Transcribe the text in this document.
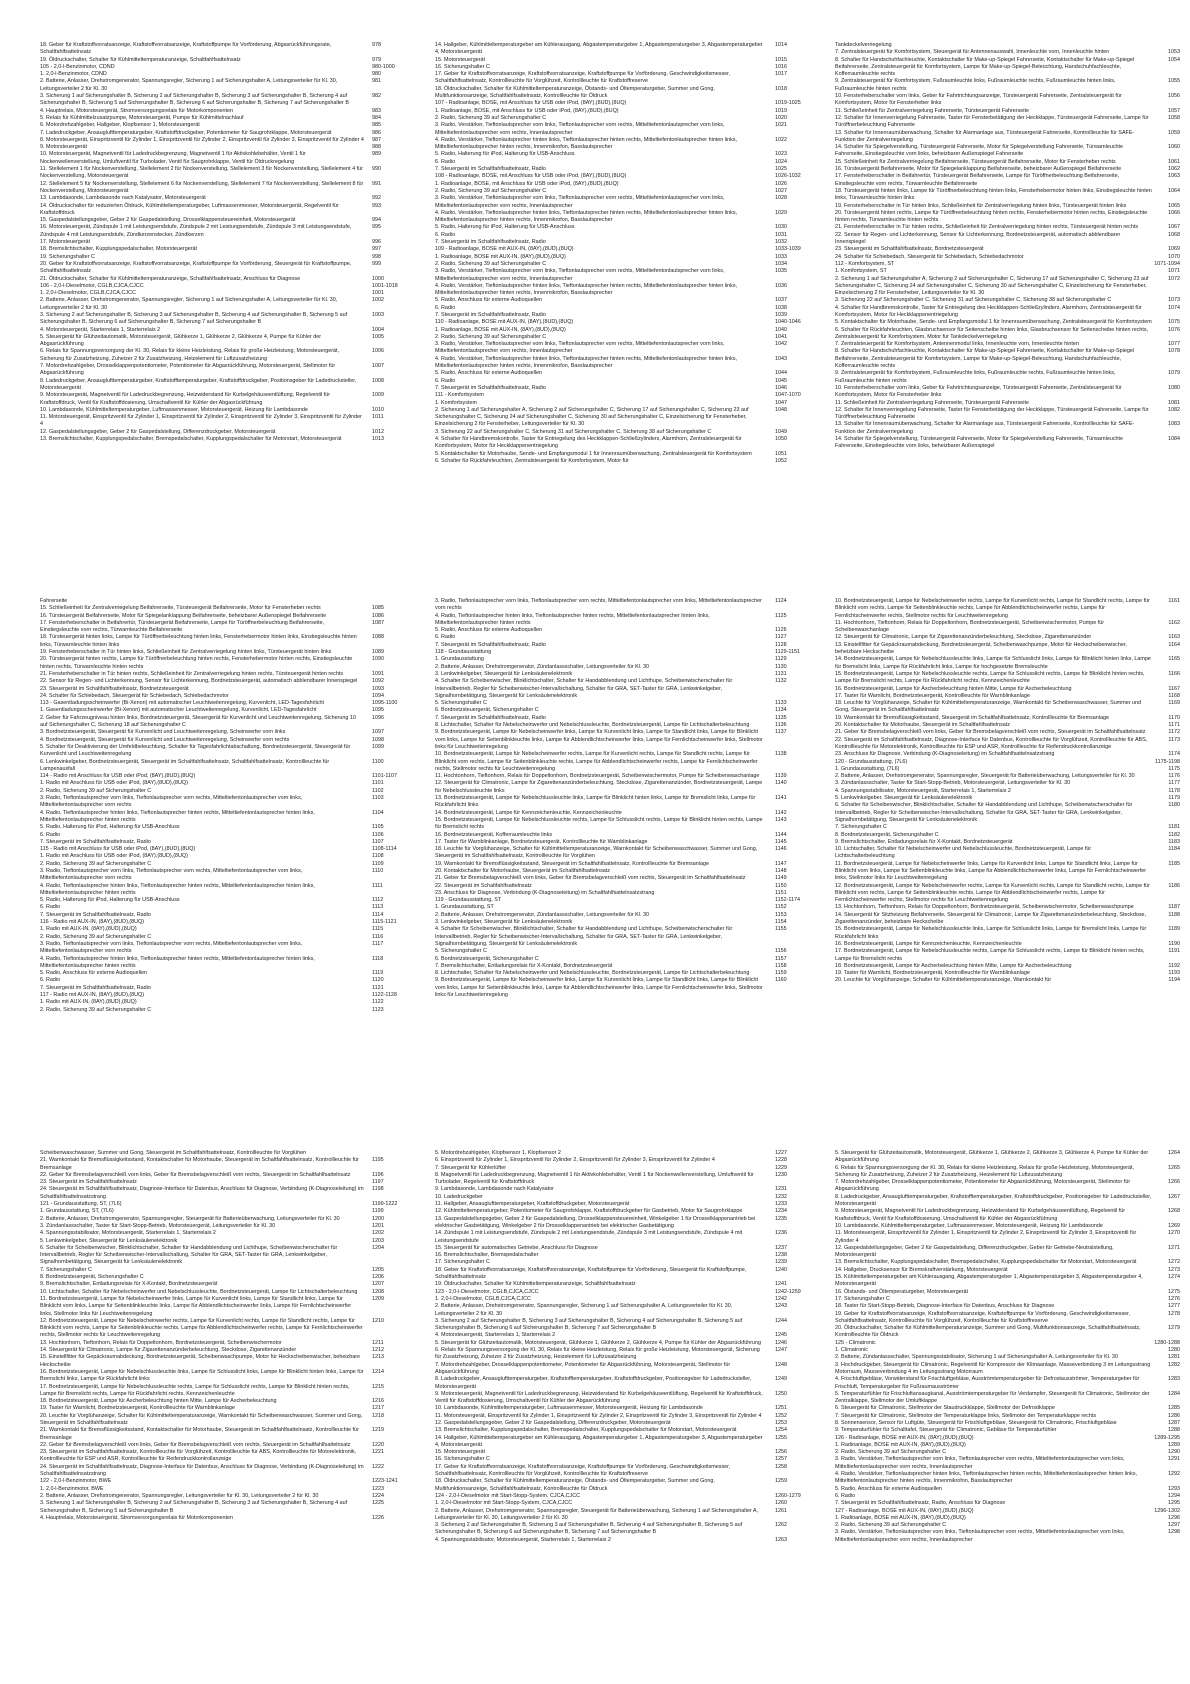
18. Geber für Kraftstoffvorratsanzeige, Kraftstoffvorratsanzeige, Kraftstoffpumpe für Vorförderung, Abgasrückführungsrate, Schaltfahlfsattelnsatz
978
19. Öldruckschalter, Schalter für Kühlmitteltemperaturanzeige, Schaltfahlfsattelnsatz	979
105 - 2,0-l-Benzinmotor, CDND	980-1000
1. 2,0-l-Benzinmotor, CDND	980
2. Batterie, Anlasser, Drehstromgenerator, Spannungsregler, Sicherung 1 auf Sicherungshalter A, Leitungsverteiler für Kl. 30, Leitungsverteiler 2 für Kl. 30
981
3. Sicherung 1 auf Sicherungshalter B, Sicherung 2 auf Sicherungshalter B, Sicherung 3 auf Sicherungshalter B, Sicherung 4 auf Sicherungshalter B, Sicherung 5 auf Sicherungshalter B, Sicherung 6 auf Sicherungshalter B, Sicherung 7 auf Sicherungshalter B
982
4. Hauptrelais, Motorsteuergerät, Stromversorgungsrelais für Motorkomponenten	983
5. Relais für Kühlmittelzusatzpumpe, Motorsteuergerät, Pumpe für Kühlmittelnachlauf	984
6. Motordrehzahlgeber, Hallgeber, Klopfsensor 1, Motorsteuergerät	985
7. Ladedruckgeber, Ansaugluftfemperaturgeber, Kraftstoffdruckgeber, Potentiometer für Saugrohrklappe, Motorsteuergerät	986
8. Motorsteuergerät, Einspritzventil für Zylinder 1, Einspritzventil für Zylinder 2, Einspritzventil für Zylinder 3, Einspritzventil für Zylinder 4	987
9. Motorsteuergerät	988
10. Motorsteuergerät, Magnetventil für Ladedruckbegrenzung, Magnetventil 1 für Aktivkohlebehälter, Ventil 1 für Nockenwellenverstellung, Umluftventil für Turbolader, Ventil für Saugrohrklappe, Ventil für Öldruckregelung
989
11. Stellelement 1 für Nockenverstellung, Stellelement 2 für Nockenverstellung, Stellelement 3 für Nockenverstellung, Stellelement 4 für Nockenverstellung, Motorsteuergerät
990
12. Stellelement 5 für Nockenverstellung, Stellelement 6 für Nockenverstellung, Stellelement 7 für Nockenverstellung, Stellelement 8 für Nockenverstellung, Motorsteuergerät
991
13. Lambdasonde, Lambdasonde nach Katalysator, Motorsteuergerät	992
14. Öldruckschalter für reduzierten Öldruck, Kühlmitteltemperaturgeber, Luftmassenmesser, Motorsteuergerät, Regelventil für Kraftstoffdruck
993
15. Gaspedalstellungsgeber, Geber 2 für Gaspedalstellung, Drosselklappensteuereinheit, Motorsteuergerät	994
16. Motorsteuergerät, Zündspule 1 mit Leistungsendstufe, Zündspule 2 mit Leistungsendstufe, Zündspule 3 mit Leistungsendstufe, Zündspule 4 mit Leistungsendstufe, Zündkerzenstecker, Zündkerzen
995
17. Motorsteuergerät	996
18. Bremslichtschalter, Kupplungspedalschalter, Motorsteuergerät	997
19. Sicherungshalter C	998
20. Geber für Kraftstoffvorratsanzeige, Kraftstoffvorratsanzeige, Kraftstoffpumpe für Vorförderung, Steuergerät für Kraftstoffpumpe, Schaltfahlfsattelnsatz
999
21. Öldruckschalter, Schalter für Kühlmitteltemperaturanzeige, Schaltfahlfsattelnsatz, Anschluss für Diagnose	1000
106 - 2,0-l-Dieselmotor, CGLB,CJCA,CJCC	1001-1018
1. 2,0-l-Dieselmotor, CGLB,CJCA,CJCC	1001
2. Batterie, Anlasser, Drehstromgenerator, Spannungsregler, Sicherung 1 auf Sicherungshalter A, Leitungsverteiler für Kl. 30, Leitungsverteiler 2 für Kl. 30
1002
3. Sicherung 2 auf Sicherungshalter B, Sicherung 3 auf Sicherungshalter B, Sicherung 4 auf Sicherungshalter B, Sicherung 5 auf Sicherungshalter B, Sicherung 6 auf Sicherungshalter B, Sicherung 7 auf Sicherungshalter B
1003
4. Motorsteuergerät, Starterrelais 1, Starterrelais 2	1004
5. Steuergerät für Glühzeitautomatik, Motorsteuergerät, Glühkerze 1, Glühkerze 2, Glühkerze 4, Pumpe für Kühler der Abgasrückführung
1005
6. Relais für Spannungsversorgung der Kl. 30, Relais für kleine Heizleistung, Relais für große Heizleistung, Motorsteuergerät, Sicherung für Zusatzheizung, Zuheizer 2 für Zusatzheizung, Heizelement für Luftzusatzheizung
1006
7. Motordrehzahlgeber, Drosselklappenpotentiometer, Potentiometer für Abgasrückführung, Motorsteuergerät, Stellmotor für Abgasrückführung
1007
8. Ladedruckgeber, Ansauglufttemperaturgeber, Kraftstofftemperaturgeber, Kraftstoffdruckgeber, Positionsgeber für Ladedrucksteller, Motorsteuergerät
1008
9. Motorsteuergerät, Magnetventil für Ladedruckbegrenzung, Heizwiderstand für Kurbelgehäuseentlüftung, Regelventil für Kraftstoffdruck, Ventil für Kraftstoffdosierung, Umschaltventil für Kühler der Abgasrückführung
1009
10. Lambdasonde, Kühlmitteltemperaturgeber, Luftmassenmesser, Motorsteuergerät, Heizung für Lambdasonde	1010
11. Motorsteuergerät, Einspritzventil für Zylinder 1, Einspritzventil für Zylinder 2, Einspritzventil für Zylinder 3, Einspritzventil für Zylinder 4
1011
12. Gaspedalstellungsgeber, Geber 2 für Gaspedalstellung, Differenzdruckgeber, Motorsteuergerät	1012
13. Bremslichtschalter, Kupplungspedalschalter, Bremspedalschalter, Kupplungspedalschalter für Motorstart, Motorsteuergerät	1013
14. Hallgeber, Kühlmitteltemperaturgeber am Kühlerausgang, Abgastemperaturgeber 1, Abgastemperaturgeber 3, Abgastemperaturgeber 4, Motorsteuergerät
1014
15. Motorsteuergerät	1015
16. Sicherungshalter C	1016
17. Geber für Kraftstoffvorratsanzeige, Kraftstoffvorratsanzeige, Kraftstoffpumpe für Vorförderung, Geschwindigkeitsmesser, Schaltfahlfsattelnsatz, Kontrollleuchte für Vorglühzeit, Kontrollleuchte für Kraftstoffreserve
1017
18. Öldruckschalter, Schalter für Kühlmitteltemperaturanzeige, Ölstands- und Öltemperaturgeber, Summer und Gong, Multifunktionsanzeige, Schaltfahlfsattelnsatz, Kontrollleuchte für Öldruck
1018
107 - Radioanlage, BOSE, mit Anschluss für USB oder iPod, (8AY),(8UD),(8UQ)	1019-1025
1. Radioanlage, BOSE, mit Anschluss für USB oder iPod, (8AY),(8UD),(8UQ)	1019
2. Radio, Sicherung 39 auf Sicherungshalter C	1020
3. Radio, Verstärker, Tieftonlautsprecher vorn links, Tieftonlautsprecher vorn rechts, Mitteltiefentonlautsprecher vorn links, Mitteltiefentonlautsprecher vorn rechts, Innenlautsprecher
1021
4. Radio, Verstärker, Tieftonlautsprecher hinten links, Tieftonlautsprecher hinten rechts, Mitteltiefentonlautsprecher hinten links, Mitteltiefentonlautsprecher hinten rechts, Innenmikrofon, Basslautsprecher
1022
5. Radio, Halterung für iPod, Halterung für USB-Anschluss	1023
6. Radio	1024
7. Steuergerät im Schaltfahlfsattelnsatz, Radio	1025
108 - Radioanlage, BOSE, mit Anschluss für USB oder iPod, (8AY),(8UD),(8UQ)	1026-1032
1. Radioanlage, BOSE, mit Anschluss für USB oder iPod, (8AY),(8UD),(8UQ)	1026
2. Radio, Sicherung 39 auf Sicherungshalter C	1027
3. Radio, Verstärker, Tieftonlautsprecher vorn links, Tieftonlautsprecher vorn rechts, Mitteltiefentonlautsprecher vorn links, Mitteltiefentonlautsprecher vorn rechts, Innenlautsprecher
1028
4. Radio, Verstärker, Tieftonlautsprecher hinten links, Tieftonlautsprecher hinten rechts, Mitteltiefentonlautsprecher hinten links, Mitteltiefentonlautsprecher hinten rechts, Innenmikrofon, Basslautsprecher
1029
5. Radio, Halterung für iPod, Halterung für USB-Anschluss	1030
6. Radio	1031
7. Steuergerät im Schaltfahlfsattelnsatz, Radio	1032
109 - Radioanlage, BOSE mit AUX-IN, (8AY),(8UD),(8UQ)	1033-1039
1. Radioanlage, BOSE mit AUX-IN, (8AY),(8UD),(8UQ)	1033
2. Radio, Sicherung 39 auf Sicherungshalter C	1034
3. Radio, Verstärker, Tieftonlautsprecher vorn links, Tieftonlautsprecher vorn rechts, Mitteltiefentonlautsprecher vorn links, Mitteltiefentonlautsprecher vorn rechts, Innenlautsprecher
1035
4. Radio, Verstärker, Tieftonlautsprecher hinten links, Tieftonlautsprecher hinten rechts, Mitteltiefentonlautsprecher hinten links, Mitteltiefentonlautsprecher hinten rechts, Innenmikrofon, Basslautsprecher
1036
5. Radio, Anschluss für externe Audioquellen	1037
6. Radio	1038
7. Steuergerät im Schaltfahlfsattelnsatz, Radio	1039
110 - Radioanlage, BOSE mit AUX-IN, (8AY),(8UD),(8UQ)	1040-1046
1. Radioanlage, BOSE mit AUX-IN, (8AY),(8UD),(8UQ)	1040
2. Radio, Sicherung 39 auf Sicherungshalter C	1041
3. Radio, Verstärker, Tieftonlautsprecher vorn links, Tieftonlautsprecher vorn rechts, Mitteltiefentonlautsprecher vorn links, Mitteltiefentonlautsprecher vorn rechts, Innenlautsprecher
1042
4. Radio, Verstärker, Tieftonlautsprecher hinten links, Tieftonlautsprecher hinten rechts, Mitteltiefentonlautsprecher hinten links, Mitteltiefentonlautsprecher hinten rechts, Innenmikrofon, Basslautsprecher
1043
5. Radio, Anschluss für externe Audioquellen	1044
6. Radio	1045
7. Steuergerät im Schaltfahlfsattelnsatz, Radio	1046
111 - Komfortsystem	1047-1070
1. Komfortsystem	1047
2. Sicherung 1 auf Sicherungshalter A, Sicherung 2 auf Sicherungshalter C, Sicherung 17 auf Sicherungshalter C, Sicherung 23 auf Sicherungshalter C, Sicherung 24 auf Sicherungshalter C, Sicherung 30 auf Sicherungshalter C, Einzelsicherung für Fensterheber, Einzelsicherung 2 für Fensterheber, Leitungsverteiler für Kl. 30
1048
3. Sicherung 22 auf Sicherungshalter C, Sicherung 31 auf Sicherungshalter C, Sicherung 38 auf Sicherungshalter C	1049
4. Schalter für Handbremskontrolle, Taster für Entriegelung des Heckklappen-Schließzylinders, Alarmhorn, Zentralsteuergerät für Komfortsystem, Motor für Heckklappenentriegelung
1050
5. Kontaktschalter für Motorhaube, Sende- und Empfangsmodul 1 für Innenraumüberwachung, Zentralsteuergerät für Komfortsystem	1051
6. Schalter für Rückfahrleuchten, Zentralsteuergerät für Komfortsystem, Motor für	1052
Tankdeckelverriegelung
7. Zentralsteuergerät für Komfortsystem, Steuergerät für Antennenauswahl, Innenleuchte vorn, Innenleuchte hinten	1053
8. Schalter für Handschuhfachleuchte, Kontaktschalter für Make-up-Spiegel Fahrerseite, Kontaktschalter für Make-up-Spiegel Beifahrerseite, Zentralsteuergerät für Komfortsystem, Lampe für Make-up-Spiegel-Beleuchtung, Handschuhfachleuchte, Kofferraumleuchte rechts
1054
9. Zentralsteuergerät für Komfortsystem, Fußraumleuchte links, Fußraumleuchte rechts, Fußraumleuchte hinten links, Fußraumleuchte hinten rechts
1055
10. Fensterheberschalter vorn links, Geber für Fahrtrichtungsanzeige, Türsteuergerät Fahrerseite, Zentralsteuergerät für Komfortsystem, Motor für Fensterheber links
1056
11. Schließeinheit für Zentralverriegelung Fahrerseite, Türsteuergerät Fahrerseite	1057
12. Schalter für Innenverriegelung Fahrerseite, Taster für Fensterbetätigung der Heckklappe, Türsteuergerät Fahrerseite, Lampe für Türöffnerbeleuchtung Fahrerseite
1058
13. Schalter für Innenraumüberwachung, Schalter für Alarmanlage aus, Türsteuergerät Fahrerseite, Kontrollleuchte für SAFE-Funktion der Zentralverriegelung
1059
14. Schalter für Spiegelverstellung, Türsteuergerät Fahrerseite, Motor für Spiegelverstellung Fahrerseite, Türwarnleuchte Fahrerseite, Einstiegsleuchte vorn links, beheizbarer Außenspiegel Fahrerseite
1060
15. Schließeinheit für Zentralverriegelung Beifahrerseite, Türsteuergerät Beifahrerseite, Motor für Fensterheber rechts	1061
16. Türsteuergerät Beifahrerseite, Motor für Spiegelanklappung Beifahrerseite, beheizbarer Außenspiegel Beifahrerseite	1062
17. Fensterheberschalter in Beifahrertür, Türsteuergerät Beifahrerseite, Lampe für Türöffnerbeleuchtung Beifahrerseite, Einstiegsleuchte vorn rechts, Türwarnleuchte Beifahrerseite
1063
18. Türsteuergerät hinten links, Lampe für Türöffnerbeleuchtung hinten links, Fensterhebermotor hinten links, Einstiegsleuchte hinten links, Türwarnleuchte hinten links
1064
19. Fensterheberschalter in Tür hinten links, Schließeinheit für Zentralverriegelung hinten links, Türsteuergerät hinten links	1065
20. Türsteuergerät hinten rechts, Lampe für Türöffnerbeleuchtung hinten rechts, Fensterhebermotor hinten rechts, Einstiegsleuchte hinten rechts, Türwarnleuchte hinten rechts
1066
21. Fensterheberschalter in Tür hinten rechts, Schließeinheit für Zentralverriegelung hinten rechts, Türsteuergerät hinten rechts	1067
22. Sensor für Regen- und Lichterkennung, Sensor für Lichterkennung, Bordnetzsteuergerät, automatisch abblendbarer Innenspiegel
1068
23. Steuergerät im Schaltfahlfsattelnsatz, Bordnetzsteuergerät	1069
24. Schalter für Schiebedach, Steuergerät für Schiebedach, Schiebedachmotor	1070
112 - Komfortsystem, ST	1071-1094
1. Komfortsystem, ST	1071
2. Sicherung 1 auf Sicherungshalter A, Sicherung 2 auf Sicherungshalter C, Sicherung 17 auf Sicherungshalter C, Sicherung 23 auf Sicherungshalter C, Sicherung 24 auf Sicherungshalter C, Sicherung 30 auf Sicherungshalter C, Einzelsicherung für Fensterheber, Einzelsicherung 2 für Fensterheber, Leitungsverteiler für Kl. 30
1072
3. Sicherung 22 auf Sicherungshalter C, Sicherung 31 auf Sicherungshalter C, Sicherung 38 auf Sicherungshalter C	1073
4. Schalter für Handbremskontrolle, Taster für Entriegelung des Heckklappen-Schließzylinders, Alarmhorn, Zentralsteuergerät für Komfortsystem, Motor für Heckklappenentriegelung
1074
5. Kontaktschalter für Motorhaube, Sende- und Empfangsmodul 1 für Innenraumüberwachung, Zentralsteuergerät für Komfortsystem	1075
6. Schalter für Rückfahrleuchten, Glasbruchsensor für Seitenscheibe hinten links, Glasbruchsensor für Seitenscheibe hinten rechts, Zentralsteuergerät für Komfortsystem, Motor für Tankdeckelverriegelung
1076
7. Zentralsteuergerät für Komfortsystem, Antennenmodul links, Innenleuchte vorn, Innenleuchte hinten	1077
8. Schalter für Handschuhfachleuchte, Kontaktschalter für Make-up-Spiegel Fahrerseite, Kontaktschalter für Make-up-Spiegel Beifahrerseite, Zentralsteuergerät für Komfortsystem, Lampe für Make-up-Spiegel-Beleuchtung, Handschuhfachleuchte, Kofferraumleuchte rechts
1078
9. Zentralsteuergerät für Komfortsystem, Fußraumleuchte links, Fußraumleuchte rechts, Fußraumleuchte hinten links, Fußraumleuchte hinten rechts
1079
10. Fensterheberschalter vorn links, Geber für Fahrtrichtungsanzeige, Türsteuergerät Fahrerseite, Zentralsteuergerät für Komfortsystem, Motor für Fensterheber links
1080
11. Schließeinheit für Zentralverriegelung Fahrerseite, Türsteuergerät Fahrerseite	1081
12. Schalter für Innenverriegelung Fahrerseite, Taster für Fensterbetätigung der Heckklappe, Türsteuergerät Fahrerseite, Lampe für Türöffnerbeleuchtung Fahrerseite
1082
13. Schalter für Innenraumüberwachung, Schalter für Alarmanlage aus, Türsteuergerät Fahrerseite, Kontrollleuchte für SAFE-Funktion der Zentralverriegelung
1083
14. Schalter für Spiegelverstellung, Türsteuergerät Fahrerseite, Motor für Spiegelverstellung Fahrerseite, Türwarnleuchte Fahrerseite, Einstiegsleuchte vorn links, beheizbarer Außenspiegel
1084
Fahrerseite
15. Schließeinheit für Zentralverriegelung Beifahrerseite, Türsteuergerät Beifahrerseite, Motor für Fensterheber rechts	1085
16. Türsteuergerät Beifahrerseite, Motor für Spiegelanklappung Beifahrerseite, beheizbarer Außenspiegel Beifahrerseite	1086
17. Fensterheberschalter in Beifahrertür, Türsteuergerät Beifahrerseite, Lampe für Türöffnerbeleuchtung Beifahrerseite, Einstiegsleuchte vorn rechts, Türwarnleuchte Beifahrerseite
1087
18. Türsteuergerät hinten links, Lampe für Türöffnerbeleuchtung hinten links, Fensterhebermotor hinten links, Einstiegsleuchte hinten links, Türwarnleuchte hinten links
1088
19. Fensterheberschalter in Tür hinten links, Schließeinheit für Zentralverriegelung hinten links, Türsteuergerät hinten links	1089
20. Türsteuergerät hinten rechts, Lampe für Türöffnerbeleuchtung hinten rechts, Fensterhebermotor hinten rechts, Einstiegsleuchte hinten rechts, Türwarnleuchte hinten rechts
1090
21. Fensterheberschalter in Tür hinten rechts, Schließeinheit für Zentralverriegelung hinten rechts, Türsteuergerät hinten rechts	1091
22. Sensor für Regen- und Lichterkennung, Sensor für Lichterkennung, Bordnetzsteuergerät, automatisch abblendbarer Innenspiegel	1092
23. Steuergerät im Schaltfahlfsattelnsatz, Bordnetzsteuergerät	1093
24. Schalter für Schiebedach, Steuergerät für Schiebedach, Schiebedachmotor	1094
113 - Gasentladungsscheinwerfer (Bi-Xenon) mit automatischer Leuchtweitenregelung, Kurvenlicht, LED-Tagesfahrlicht	1095-1100
1. Gasentladungsscheinwerfer (Bi-Xenon) mit automatischer Leuchtweitenregelung, Kurvenlicht, LED-Tagesfahrlicht	1095
2. Geber für Fahrzeugniveau hinten links, Bordnetzsteuergerät, Steuergerät für Kurvenlicht und Leuchtweitenregelung, Sicherung 10 auf Sicherungshalter C, Sicherung 18 auf Sicherungshalter C
1096
3. Bordnetzsteuergerät, Steuergerät für Kurvenlicht und Leuchtweitenregelung, Scheinwerfer vorn links	1097
4. Bordnetzsteuergerät, Steuergerät für Kurvenlicht und Leuchtweitenregelung, Scheinwerfer vorn rechts	1098
5. Schalter für Deaktivierung der Umfeldbeleuchtung, Schalter für Tagesfahrlichtabschaltung, Bordnetzsteuergerät, Steuergerät für Kurvenlicht und Leuchtweitenregelung
1099
6. Lenkwinkelgeber, Bordnetzsteuergerät, Steuergerät im Schaltfahlfsattelnsatz, Schaltfahlfsattelnsatz, Kontrollleuchte für Lampenausfall
1100
114 - Radio mit Anschluss für USB oder iPod, (8AY),(8UD),(8UQ)	1101-1107
1. Radio mit Anschluss für USB oder iPod, (8AY),(8UD),(8UQ)	1101
2. Radio, Sicherung 39 auf Sicherungshalter C	1102
3. Radio, Tieftonlautsprecher vorn links, Tieftonlautsprecher vorn rechts, Mitteltiefentonlautsprecher vorn links, Mitteltiefentonlautsprecher vorn rechts
1103
4. Radio, Tieftonlautsprecher hinten links, Tieftonlautsprecher hinten rechts, Mitteltiefentonlautsprecher hinten links, Mitteltiefentonlautsprecher hinten rechts
1104
5. Radio, Halterung für iPod, Halterung für USB-Anschluss	1105
6. Radio	1106
7. Steuergerät im Schaltfahlfsattelnsatz, Radio	1107
115 - Radio mit Anschluss für USB oder iPod, (8AY),(8UD),(8UQ)	1108-1114
1. Radio mit Anschluss für USB oder iPod, (8AY),(8UD),(8UQ)	1108
2. Radio, Sicherung 39 auf Sicherungshalter C	1109
3. Radio, Tieftonlautsprecher vorn links, Tieftonlautsprecher vorn rechts, Mitteltiefentonlautsprecher vorn links, Mitteltiefentonlautsprecher vorn rechts
1110
4. Radio, Tieftonlautsprecher hinten links, Tieftonlautsprecher hinten rechts, Mitteltiefentonlautsprecher hinten links, Mitteltiefentonlautsprecher hinten rechts
1111
5. Radio, Halterung für iPod, Halterung für USB-Anschluss	1112
6. Radio	1113
7. Steuergerät im Schaltfahlfsattelnsatz, Radio	1114
116 - Radio mit AUX-IN, (8AY),(8UD),(8UQ)	1115-1121
1. Radio mit AUX-IN, (8AY),(8UD),(8UQ)	1115
2. Radio, Sicherung 39 auf Sicherungshalter C	1116
3. Radio, Tieftonlautsprecher vorn links, Tieftonlautsprecher vorn rechts, Mitteltiefentonlautsprecher vorn links, Mitteltiefentonlautsprecher vorn rechts
1117
4. Radio, Tieftonlautsprecher hinten links, Tieftonlautsprecher hinten rechts, Mitteltiefentonlautsprecher hinten links, Mitteltiefentonlautsprecher hinten rechts
1118
5. Radio, Anschluss für externe Audioquellen	1119
6. Radio	1120
7. Steuergerät im Schaltfahlfsattelnsatz, Radio	1121
117 - Radio mit AUX-IN, (8AY),(8UD),(8UQ)	1122-1128
1. Radio mit AUX-IN, (8AY),(8UD),(8UQ)	1122
2. Radio, Sicherung 39 auf Sicherungshalter C	1123
3. Radio, Tieftonlautsprecher vorn links, Tieftonlautsprecher vorn rechts, Mitteltiefentonlautsprecher vorn links, Mitteltiefentonlautsprecher vorn rechts
1124
4. Radio, Tieftonlautsprecher hinten links, Tieftonlautsprecher hinten rechts, Mitteltiefentonlautsprecher hinten links, Mitteltiefentonlautsprecher hinten rechts
1125
5. Radio, Anschluss für externe Audioquellen	1126
6. Radio	1127
7. Steuergerät im Schaltfahlfsattelnsatz, Radio	1128
118 - Grundausstattung	1129-1151
1. Grundausstattung	1129
2. Batterie, Anlasser, Drehstromgenerator, Zündanlassschalter, Leitungsverteiler für Kl. 30	1130
3. Lenkwinkelgeber, Steuergerät für Lenksäulenelektronik	1131
4. Schalter für Scheibenwischer, Blinklichtschalter, Schalter für Handabblendung und Lichthupe, Scheibenwischerschalter für Intervallbetrieb, Regler für Scheibenwischer-Intervallschaltung, Schalter für GRA, SET-Taster für GRA, Lenkwinkelgeber, Signalhornbetätigung, Steuergerät für Lenksäulenelektronik
1132
5. Sicherungshalter C	1133
6. Bordnetzsteuergerät, Sicherungshalter C	1134
7. Steuergerät im Schaltfahlfsattelnsatz, Radio	1135
8. Lichtschalter, Schalter für Nebelscheinwerfer und Nebelschlussleuchte, Bordnetzsteuergerät, Lampe für Lichtschalterbeleuchtung	1136
9. Bordnetzsteuergerät, Lampe für Nebelscheinwerfer links, Lampe für Kurvenlicht links, Lampe für Standlicht links, Lampe für Blinklicht vorn links, Lampe für Seitenblinkleuchte links, Lampe für Abblendlichtscheinwerfer links, Lampe für Fernlichtscheinwerfer links, Stellmotor links für Leuchtweitenregelung
1137
10. Bordnetzsteuergerät, Lampe für Nebelscheinwerfer rechts, Lampe für Kurvenlicht rechts, Lampe für Standlicht rechts, Lampe für Blinklicht vorn rechts, Lampe für Seitenblinkleuchte rechts, Lampe für Abblendlichtscheinwerfer rechts, Lampe für Fernlichtscheinwerfer rechts, Stellmotor rechts für Leuchtweitenregelung
1138
11. Hochtonhorn, Tieftonhorn, Relais für Doppeltonhorn, Bordnetzsteuergerät, Scheibenwischermotor, Pumpe für Scheibenwaschanlage	1139
12. Steuergerät für Climatronic, Lampe für Zigarettenanzünderbeleuchtung, Steckdose, Zigarettenanzünder, Bordnetzsteuergerät, Lampe für Nebelschlussleuchte links
1140
13. Bordnetzsteuergerät, Lampe für Nebelschlussleuchte links, Lampe für Blinklicht hinten links, Lampe für Bremslicht links, Lampe für Rückfahrlicht links
1141
14. Bordnetzsteuergerät, Lampe für Kennzeichenleuchte, Kennzeichenleuchte	1142
15. Bordnetzsteuergerät, Lampe für Nebelschlussleuchte rechts, Lampe für Schlusslicht rechts, Lampe für Blinklicht hinten rechts, Lampe für Bremslicht rechts
1143
16. Bordnetzsteuergerät, Kofferraumleuchte links	1144
17. Taster für Warnblinkanlage, Bordnetzsteuergerät, Kontrollleuchte für Warnblinkanlage	1145
18. Leuchte für Vorglühanzeige, Schalter für Kühlmitteltemperaturanzeige, Warnkontakt für Scheibenwaschwasser, Summer und Gong, Steuergerät im Schaltfahlfsattelnsatz, Kontrollleuchte für Vorglühen
1146
19. Warnkontakt für Bremsflüssigkeitsstand, Steuergerät im Schaltfahlfsattelnsatz, Kontrollleuchte für Bremsanlage	1147
20. Kontaktschalter für Motorhaube, Steuergerät im Schaltfahlfsattelnsatz	1148
21. Geber für Bremsbelagverschleiß vorn links, Geber für Bremsbelagverschleiß vorn rechts, Steuergerät im Schaltfahlfsattelnsatz	1149
22. Steuergerät im Schaltfahlfsattelnsatz	1150
23. Anschluss für Diagnose, Verbindung (K-Diagnoseleitung) im Schaltfahlfsattelnsatzstrang	1151
119 - Grundausstattung, ST	1152-1174
1. Grundausstattung, ST	1152
2. Batterie, Anlasser, Drehstromgenerator, Zündanlassschalter, Leitungsverteiler für Kl. 30	1153
3. Lenkwinkelgeber, Steuergerät für Lenksäulenelektronik	1154
4. Schalter für Scheibenwischer, Blinklichtschalter, Schalter für Handabblendung und Lichthupe, Scheibenwischerschalter für Intervallbetrieb, Regler für Scheibenwischer-Intervallschaltung, Schalter für GRA, SET-Taster für GRA, Lenkwinkelgeber, Signalhornbetätigung, Steuergerät für Lenksäulenelektronik
1155
5. Sicherungshalter C	1156
6. Bordnetzsteuergerät, Sicherungshalter C	1157
7. Bremslichtschalter, Entladungsrelais für X-Kontakt, Bordnetzsteuergerät	1158
8. Lichtschalter, Schalter für Nebelscheinwerfer und Nebelschlussleuchte, Bordnetzsteuergerät, Lampe für Lichtschalterbeleuchtung	1159
9. Bordnetzsteuergerät, Lampe für Nebelscheinwerfer links, Lampe für Kurvenlicht links, Lampe für Standlicht links, Lampe für Blinklicht vorn links, Lampe für Seitenblinkleuchte links, Lampe für Abblendlichtscheinwerfer links, Lampe für Fernlichtscheinwerfer links, Stellmotor links für Leuchtweitenregelung
1160
10. Bordnetzsteuergerät, Lampe für Nebelscheinwerfer rechts, Lampe für Kurvenlicht rechts, Lampe für Standlicht rechts, Lampe für Blinklicht vorn rechts, Lampe für Seitenblinkleuchte rechts, Lampe für Abblendlichtscheinwerfer rechts, Lampe für Fernlichtscheinwerfer rechts, Stellmotor rechts für Leuchtweitenregelung
1161
11. Hochtonhorn, Tieftonhorn, Relais für Doppeltonhorn, Bordnetzsteuergerät, Scheibenwischermotor, Pumpe für Scheibenwaschanlage
1162
12. Steuergerät für Climatronic, Lampe für Zigarettenanzünderbeleuchtung, Steckdose, Zigarettenanzünder	1163
13. Einstellfitter für Gepäckraumabdeckung, Bordnetzsteuergerät, Scheibenwaschpumpe, Motor für Heckscheibenwischer, beheizbare Heckscheibe
1164
14. Bordnetzsteuergerät, Lampe für Nebelschlussleuchte links, Lampe für Schlusslicht links, Lampe für Blinklicht hinten links, Lampe für Bremslicht links, Lampe für Rückfahrlicht links, Lampe für hochgesetzte Bremsleuchte
1165
15. Bordnetzsteuergerät, Lampe für Nebelschlussleuchte rechts, Lampe für Schlusslicht rechts, Lampe für Blinklicht hinten rechts, Lampe für Bremslicht rechts, Lampe für Rückfahrlicht rechts, Kennzeichenleuchte
1166
16. Bordnetzsteuergerät, Lampe für Ascherbeleuchtung hinten Mitte, Lampe für Ascherbeleuchtung	1167
17. Taster für Warnlicht, Bordnetzsteuergerät, Kontrollleuchte für Warnblinkanlage	1168
18. Leuchte für Vorglühanzeige, Schalter für Kühlmitteltemperaturanzeige, Warnkontakt für Scheibenwaschwasser, Summer und Gong, Steuergerät im Schaltfahlfsattelnsatz
1169
19. Warnkontakt für Bremsflüssigkeitsstand, Steuergerät im Schaltfahlfsattelnsatz, Kontrollleuchte für Bremsanlage	1170
20. Kontaktschalter für Motorhaube, Steuergerät im Schaltfahlfsattelnsatz	1171
21. Geber für Bremsbelagverschleiß vorn links, Geber für Bremsbelagverschleiß vorn rechts, Steuergerät im Schaltfahlfsattelnsatz	1172
22. Steuergerät im Schaltfahlfsattelnsatz, Diagnose-Interface für Datenbus, Kontrollleuchte für Vorglühzeit, Kontrollleuchte für ABS, Kontrollleuchte für Motorelektronik, Kontrollleuchte für ESP und ASR, Kontrollleuchte für Reifendruckkontrollanzeige
1173
23. Anschluss für Diagnose, Verbindung (K-Diagnoseleitung) im Schaltfahlfsattelnsatzstrang	1174
120 - Grundausstattung, (7L6)	1175-1198
1. Grundausstattung, (7L6)	1175
2. Batterie, Anlasser, Drehstromgenerator, Spannungsregler, Steuergerät für Batterieüberwachung, Leitungsverteiler für Kl. 30	1176
3. Zündanlassschalter, Taster für Start-Stopp-Betrieb, Motorsteuergerät, Leitungsverteiler für Kl. 30	1177
4. Spannungsstabilisator, Motorsteuergerät, Starterrelais 1, Starterrelais 2	1178
5. Lenkwinkelgeber, Steuergerät für Lenksäulenelektronik	1179
6. Schalter für Scheibenwischer, Blinklichtschalter, Schalter für Handabblendung und Lichthupe, Scheibenwischerschalter für Intervallbetrieb, Regler für Scheibenwischer-Intervallschaltung, Schalter für GRA, SET-Taster für GRA, Lenkwinkelgeber, Signalhornbetätigung, Steuergerät für Lenksäulenelektronik
1180
7. Sicherungshalter C	1181
8. Bordnetzsteuergerät, Sicherungshalter C	1182
9. Bremslichtschalter, Entladungsrelais für X-Kontakt, Bordnetzsteuergerät	1183
10. Lichtschalter, Schalter für Nebelscheinwerfer und Nebelschlussleuchte, Bordnetzsteuergerät, Lampe für Lichtschalterbeleuchtung
1184
11. Bordnetzsteuergerät, Lampe für Nebelscheinwerfer links, Lampe für Kurvenlicht links, Lampe für Standlicht links, Lampe für Blinklicht vorn links, Lampe für Seitenblinkleuchte links, Lampe für Abblendlichtscheinwerfer links, Lampe für Fernlichtscheinwerfer links, Stellmotor links für Leuchtweitenregelung
1185
12. Bordnetzsteuergerät, Lampe für Nebelscheinwerfer rechts, Lampe für Kurvenlicht rechts, Lampe für Standlicht rechts, Lampe für Blinklicht vorn rechts, Lampe für Seitenblinkleuchte rechts, Lampe für Abblendlichtscheinwerfer rechts, Lampe für Fernlichtscheinwerfer rechts, Stellmotor rechts für Leuchtweitenregelung
1186
13. Hochtonhorn, Tieftonhorn, Relais für Doppeltonhorn, Bordnetzsteuergerät, Scheibenwischermotor, Scheibenwaschpumpe	1187
14. Steuergerät für Sitzheizung Beifahrerseite, Steuergerät für Climatronic, Lampe für Zigarettenanzünderbeleuchtung, Steckdose, Zigarettenanzünder, beheizbare Heckscheibe
1188
15. Bordnetzsteuergerät, Lampe für Nebelschlussleuchte links, Lampe für Schlusslicht links, Lampe für Bremslicht links, Lampe für Rückfahrlicht links
1189
16. Bordnetzsteuergerät, Lampe für Kennzeichenleuchte, Kennzeichenleuchte	1190
17. Bordnetzsteuergerät, Lampe für Nebelschlussleuchte rechts, Lampe für Schlusslicht rechts, Lampe für Blinklicht hinten rechts, Lampe für Bremslicht rechts
1191
18. Bordnetzsteuergerät, Lampe für Ascherbeleuchtung hinten Mitte, Lampe für Ascherbeleuchtung	1192
19. Taster für Warnlicht, Bordnetzsteuergerät, Kontrollleuchte für Warnblinkanlage	1193
20. Leuchte für Vorglühanzeige, Schalter für Kühlmitteltemperaturanzeige, Warnkontakt für	1194
Scheibenwaschwasser, Summer und Gong, Steuergerät im Schaltfahlfsattelnsatz, Kontrollleuchte für Vorglühen
21. Warnkontakt für Bremsflüssigkeitsstand, Kontaktschalter für Motorhaube, Steuergerät im Schaltfahlfsattelnsatz, Kontrollleuchte für Bremsanlage
1195
22. Geber für Bremsbelagverschleiß vorn links, Geber für Bremsbelagverschleiß vorn rechts, Steuergerät im Schaltfahlfsattelnsatz	1196
23. Steuergerät im Schaltfahlfsattelnsatz	1197
24. Steuergerät im Schaltfahlfsattelnsatz, Diagnose-Interface für Datenbus, Anschluss für Diagnose, Verbindung (K-Diagnoseleitung) im Schaltfahlfsattelnsatzstrang
1198
121 - Grundausstattung, ST, (7L6)	1199-1222
1. Grundausstattung, ST, (7L6)	1199
2. Batterie, Anlasser, Drehstromgenerator, Spannungsregler, Steuergerät für Batterieüberwachung, Leitungsverteiler für Kl. 30	1200
3. Zündanlassschalter, Taster für Start-Stopp-Betrieb, Motorsteuergerät, Leitungsverteiler für Kl. 30	1201
4. Spannungsstabilisator, Motorsteuergerät, Starterrelais 1, Starterrelais 2	1202
5. Lenkwinkelgeber, Steuergerät für Lenksäulenelektronik	1203
6. Schalter für Scheibenwischer, Blinklichtschalter, Schalter für Handabblendung und Lichthupe, Scheibenwischerschalter für Intervallbetrieb, Regler für Scheibenwischer-Intervallschaltung, Schalter für GRA, SET-Taster für GRA, Lenkwinkelgeber, Signalhornbetätigung, Steuergerät für Lenksäulenelektronik
1204
7. Sicherungshalter C	1205
8. Bordnetzsteuergerät, Sicherungshalter C	1206
9. Bremslichtschalter, Entladungsrelais für X-Kontakt, Bordnetzsteuergerät	1207
10. Lichtschalter, Schalter für Nebelscheinwerfer und Nebelschlussleuchte, Bordnetzsteuergerät, Lampe für Lichtschalterbeleuchtung	1208
11. Bordnetzsteuergerät, Lampe für Nebelscheinwerfer links, Lampe für Kurvenlicht links, Lampe für Standlicht links, Lampe für Blinklicht vorn links, Lampe für Seitenblinkleuchte links, Lampe für Abblendlichtscheinwerfer links, Lampe für Fernlichtscheinwerfer links, Stellmotor links für Leuchtweitenregelung
1209
12. Bordnetzsteuergerät, Lampe für Nebelscheinwerfer rechts, Lampe für Kurvenlicht rechts, Lampe für Standlicht rechts, Lampe für Blinklicht vorn rechts, Lampe für Seitenblinkleuchte rechts, Lampe für Abblendlichtscheinwerfer rechts, Lampe für Fernlichtscheinwerfer rechts, Stellmotor rechts für Leuchtweitenregelung
1210
13. Hochtonhorn, Tieftonhorn, Relais für Doppeltonhorn, Bordnetzsteuergerät, Scheibenwischermotor	1211
14. Steuergerät für Climatronic, Lampe für Zigarettenanzünderbeleuchtung, Steckdose, Zigarettenanzünder	1212
15. Einstellfitter für Gepäckraumabdeckung, Bordnetzsteuergerät, Scheibenwaschpumpe, Motor für Heckscheibenwischer, beheizbare Heckscheibe
1213
16. Bordnetzsteuergerät, Lampe für Nebelschlussleuchte links, Lampe für Schlusslicht links, Lampe für Blinklicht hinten links, Lampe für Bremslicht links, Lampe für Rückfahrlicht links
1214
17. Bordnetzsteuergerät, Lampe für Nebelschlussleuchte rechts, Lampe für Schlusslicht rechts, Lampe für Blinklicht hinten rechts, Lampe für Bremslicht rechts, Lampe für Rückfahrlicht rechts, Kennzeichenleuchte
1215
18. Bordnetzsteuergerät, Lampe für Ascherbeleuchtung hinten Mitte, Lampe für Ascherbeleuchtung	1216
19. Taster für Warnlicht, Bordnetzsteuergerät, Kontrollleuchte für Warnblinkanlage	1217
20. Leuchte für Vorglühanzeige, Schalter für Kühlmitteltemperaturanzeige, Warnkontakt für Scheibenwaschwasser, Summer und Gong, Steuergerät im Schaltfahlfsattelnsatz
1218
21. Warnkontakt für Bremsflüssigkeitsstand, Kontaktschalter für Motorhaube, Steuergerät im Schaltfahlfsattelnsatz, Kontrollleuchte für Bremsanlage
1219
22. Geber für Bremsbelagverschleiß vorn links, Geber für Bremsbelagverschleiß vorn rechts, Steuergerät im Schaltfahlfsattelnsatz	1220
23. Steuergerät im Schaltfahlfsattelnsatz, Kontrollleuchte für Vorglühzeit, Kontrollleuchte für ABS, Kontrollleuchte für Motorelektronik, Kontrollleuchte für ESP und ASR, Kontrollleuchte für Reifendruckkontrollanzeige
1221
24. Steuergerät im Schaltfahlfsattelnsatz, Diagnose-Interface für Datenbus, Anschluss für Diagnose, Verbindung (K-Diagnoseleitung) im Schaltfahlfsattelnsatzstrang
1222
122 - 2,0-l-Benzinmotor, BWE	1223-1241
1. 2,0-l-Benzinmotor, BWE	1223
2. Batterie, Anlasser, Drehstromgenerator, Spannungsregler, Leitungsverteiler für Kl. 30, Leitungsverteiler 2 für Kl. 30	1224
3. Sicherung 1 auf Sicherungshalter B, Sicherung 2 auf Sicherungshalter B, Sicherung 3 auf Sicherungshalter B, Sicherung 4 auf Sicherungshalter B, Sicherung 5 auf Sicherungshalter B
1225
4. Hauptrelais, Motorsteuergerät, Stromversorgungsrelais für Motorkomponenten	1226
5. Motordrehzahlgeber, Klopfsensor 1, Klopfsensor 2	1227
6. Einspritzventil für Zylinder 1, Einspritzventil für Zylinder 2, Einspritzventil für Zylinder 3, Einspritzventil für Zylinder 4	1228
7. Steuergerät für Kühlerlüfter	1229
8. Magnetventil für Ladedruckbegrenzung, Magnetventil 1 für Aktivkohlebehälter, Ventil 1 für Nockenwellenverstellung, Umluftventil für Turbolader, Regelventil für Kraftstoffdruck
1230
9. Lambdasonde, Lambdasonde nach Katalysator	1231
10. Ladedruckgeber	1232
11. Hallgeber, Ansauglufttemperaturgeber, Kraftstoffdruckgeber, Motorsteuergerät	1233
12. Kühlmitteltemperaturgeber, Potentiometer für Saugrohrklappe, Kraftstoffdruckgeber für Gasbetrieb, Motor für Saugrohrklappe	1234
13. Gaspedalstellungsgeber, Geber 2 für Gaspedalstellung, Drosselklappensteuereinheit, Winkelgeber 1 für Drosselklappenantrieb bei elektrischer Gasbetätigung, Winkelgeber 2 für Drosselklappenantrieb bei elektrischer Gasbetätigung
1235
14. Zündspule 1 mit Leistungsendstufe, Zündspule 2 mit Leistungsendstufe, Zündspule 3 mit Leistungsendstufe, Zündspule 4 mit Leistungsendstufe
1236
15. Steuergerät für automatisches Getriebe, Anschluss für Diagnose	1237
16. Bremslichtschalter, Bremspedalschalter	1238
17. Sicherungshalter C	1239
18. Geber für Kraftstoffvorratsanzeige, Kraftstoffvorratsanzeige, Kraftstoffpumpe für Vorförderung, Steuergerät für Kraftstoffpumpe, Schaltfahlfsattelnsatz
1240
19. Öldruckschalter, Schalter für Kühlmitteltemperaturanzeige, Schaltfahlfsattelnsatz	1241
123 - 2,0-l-Dieselmotor, CGLB,CJCA,CJCC	1242-1259
1. 2,0-l-Dieselmotor, CGLB,CJCA,CJCC	1242
2. Batterie, Anlasser, Drehstromgenerator, Spannungsregler, Sicherung 1 auf Sicherungshalter A, Leitungsverteiler für Kl. 30, Leitungsverteiler 2 für Kl. 30
1243
3. Sicherung 2 auf Sicherungshalter B, Sicherung 3 auf Sicherungshalter B, Sicherung 4 auf Sicherungshalter B, Sicherung 5 auf Sicherungshalter B, Sicherung 6 auf Sicherungshalter B, Sicherung 7 auf Sicherungshalter B
1244
4. Motorsteuergerät, Starterrelais 1, Starterrelais 2	1245
5. Steuergerät für Glühzeitautomatik, Motorsteuergerät, Glühkerze 1, Glühkerze 2, Glühkerze 4, Pumpe für Kühler der Abgasrückführung	1246
6. Relais für Spannungsversorgung der Kl. 30, Relais für kleine Heizleistung, Relais für große Heizleistung, Motorsteuergerät, Sicherung für Zusatzheizung, Zuheizer 2 für Zusatzheizung, Heizelement für Luftzusatzheizung
1247
7. Motordrehzahlgeber, Drosselklappenpotentiometer, Potentiometer für Abgasrückführung, Motorsteuergerät, Stellmotor für Abgasrückführung
1248
8. Ladedruckgeber, Ansauglufttemperaturgeber, Kraftstofftemperaturgeber, Kraftstoffdruckgeber, Positionsgeber für Ladedrucksteller, Motorsteuergerät
1249
9. Motorsteuergerät, Magnetventil für Ladedruckbegrenzung, Heizwiderstand für Kurbelgehäuseentlüftung, Regelventil für Kraftstoffdruck, Ventil für Kraftstoffdosierung, Umschaltventil für Kühler der Abgasrückführung
1250
10. Lambdasonde, Kühlmitteltemperaturgeber, Luftmassenmesser, Motorsteuergerät, Heizung für Lambdasonde	1251
11. Motorsteuergerät, Einspritzventil für Zylinder 1, Einspritzventil für Zylinder 2, Einspritzventil für Zylinder 3, Einspritzventil für Zylinder 4	1252
12. Gaspedalstellungsgeber, Geber 2 für Gaspedalstellung, Differenzdruckgeber, Motorsteuergerät	1253
13. Bremslichtschalter, Kupplungspedalschalter, Bremspedalschalter, Kupplungspedalschalter für Motorstart, Motorsteuergerät	1254
14. Hallgeber, Kühlmitteltemperaturgeber am Kühlerausgang, Abgastemperaturgeber 1, Abgastemperaturgeber 3, Abgastemperaturgeber 4, Motorsteuergerät
1255
15. Motorsteuergerät	1256
16. Sicherungshalter C	1257
17. Geber für Kraftstoffvorratsanzeige, Kraftstoffvorratsanzeige, Kraftstoffpumpe für Vorförderung, Geschwindigkeitsmesser, Schaltfahlfsattelnsatz, Kontrollleuchte für Vorglühzeit, Kontrollleuchte für Kraftstoffreserve
1258
18. Öldruckschalter, Schalter für Kühlmitteltemperaturanzeige, Ölstands- und Öltemperaturgeber, Summer und Gong, Multifunktionsanzeige, Schaltfahlfsattelnsatz, Kontrollleuchte für Öldruck
1259
124 - 2,0-l-Dieselmotor mit Start-Stopp-System, CJCA,CJCC	1260-1279
1. 2,0-l-Dieselmotor mit Start-Stopp-System, CJCA,CJCC	1260
2. Batterie, Anlasser, Drehstromgenerator, Spannungsregler, Steuergerät für Batterieüberwachung, Sicherung 1 auf Sicherungshalter A, Leitungsverteiler für Kl. 30, Leitungsverteiler 2 für Kl. 30
1261
3. Sicherung 2 auf Sicherungshalter B, Sicherung 3 auf Sicherungshalter B, Sicherung 4 auf Sicherungshalter B, Sicherung 5 auf Sicherungshalter B, Sicherung 6 auf Sicherungshalter B, Sicherung 7 auf Sicherungshalter B
1262
4. Spannungsstabilisator, Motorsteuergerät, Starterrelais 1, Starterrelais 2	1263
5. Steuergerät für Glühzeitautomatik, Motorsteuergerät, Glühkerze 1, Glühkerze 2, Glühkerze 3, Glühkerze 4, Pumpe für Kühler der Abgasrückführung
1264
6. Relais für Spannungsversorgung der Kl. 30, Relais für kleine Heizleistung, Relais für große Heizleistung, Motorsteuergerät, Sicherung für Zusatzheizung, Zuheizer 2 für Zusatzheizung, Heizelement für Luftzusatzheizung
1265
7. Motordrehzahlgeber, Drosselklappenpotentiometer, Potentiometer für Abgasrückführung, Motorsteuergerät, Stellmotor für Abgasrückführung
1266
8. Ladedruckgeber, Ansauglufttemperaturgeber, Kraftstofftemperaturgeber, Kraftstoffdruckgeber, Positionsgeber für Ladedrucksteller, Motorsteuergerät
1267
9. Motorsteuergerät, Magnetventil für Ladedruckbegrenzung, Heizwiderstand für Kurbelgehäuseentlüftung, Regelventil für Kraftstoffdruck, Ventil für Kraftstoffdosierung, Umschaltventil für Kühler der Abgasrückführung
1268
10. Lambdasonde, Kühlmitteltemperaturgeber, Luftmassenmesser, Motorsteuergerät, Heizung für Lambdasonde	1269
11. Motorsteuergerät, Einspritzventil für Zylinder 1, Einspritzventil für Zylinder 2, Einspritzventil für Zylinder 3, Einspritzventil für Zylinder 4
1270
12. Gaspedalstellungsgeber, Geber 2 für Gaspedalstellung, Differenzdruckgeber, Geber für Getriebe-Neutralstellung, Motorsteuergerät
1271
13. Bremslichtschalter, Kupplungspedalschalter, Bremspedalschalter, Kupplungspedalschalter für Motorstart, Motorsteuergerät	1272
14. Hallgeber, Drucksensor für Bremskraftverstärkung, Motorsteuergerät	1273
15. Kühlmitteltemperaturgeber am Kühlerausgang, Abgastemperaturgeber 1, Abgastemperaturgeber 3, Abgastemperaturgeber 4, Motorsteuergerät
1274
16. Ölstands- und Öltemperaturgeber, Motorsteuergerät	1275
17. Sicherungshalter C	1276
18. Taster für Start-Stopp-Betrieb, Diagnose-Interface für Datenbus, Anschluss für Diagnose	1277
19. Geber für Kraftstoffvorratsanzeige, Kraftstoffvorratsanzeige, Kraftstoffpumpe für Vorförderung, Geschwindigkeitsmesser, Schaltfahlfsattelnsatz, Kontrollleuchte für Vorglühzeit, Kontrollleuchte für Kraftstoffreserve
1278
20. Öldruckschalter, Schalter für Kühlmitteltemperaturanzeige, Summer und Gong, Multifunktionsanzeige, Schaltfahlfsattelnsatz, Kontrollleuchte für Öldruck
1279
125 - Climatronic	1280-1288
1. Climatronic	1280
2. Batterie, Zündanlassschalter, Spannungsstabilisator, Sicherung 1 auf Sicherungshalter A, Leitungsverteiler für Kl. 30	1281
3. Hochdruckgeber, Steuergerät für Climatronic, Regelventil für Kompressor der Klimaanlage, Masseverbindung 3 im Leitungsstrang Motorraum, Masseverbindung 4 im Leitungsstrang Motorraum
1282
4. Frischluftgebläse, Vorwiderstand für Frischluftgebläse, Ausströmtemperaturgeber für Defrostausströmer, Temperaturgeber für Frischluft, Temperaturgeber für Fußraumausströmer
1283
5. Temperaturfühler für Frischluftansaugkanal, Ausströmtemperaturgeber für Verdampfer, Steuergerät für Climatronic, Stellmotor der Zentralklappe, Stellmotor der Umluftklappe
1284
6. Steuergerät für Climatronic, Stellmotor der Staudruckklappe, Stellmotor der Defrostklappe	1285
7. Steuergerät für Climatronic, Stellmotor der Temperaturklappe links, Stellmotor der Temperaturklappe rechts	1286
8. Sonnensensor, Sensor für Luftgüte, Steuergerät für Frischluftgebläse, Steuergerät für Climatronic, Frischluftgebläse	1287
9. Temperaturfühler für Schalttafel, Steuergerät für Climatronic, Gebläse für Temperaturfühler	1288
126 - Radioanlage, BOSE mit AUX-IN, (8AY),(8UD),(8UQ)	1289-1295
1. Radioanlage, BOSE mit AUX-IN, (8AY),(8UD),(8UQ)	1289
2. Radio, Sicherung 39 auf Sicherungshalter C	1290
3. Radio, Verstärker, Tieftonlautsprecher vorn links, Tieftonlautsprecher vorn rechts, Mitteltiefentonlautsprecher vorn links, Mitteltiefentonlautsprecher vorn rechts, Innenlautsprecher
1291
4. Radio, Verstärker, Tieftonlautsprecher hinten links, Tieftonlautsprecher hinten rechts, Mitteltiefentonlautsprecher hinten links, Mitteltiefentonlautsprecher hinten rechts, Innenmikrofon, Basslautsprecher
1292
5. Radio, Anschluss für externe Audioquellen	1293
6. Radio	1294
7. Steuergerät im Schaltfahlfsattelnsatz, Radio, Anschluss für Diagnose	1295
127 - Radioanlage, BOSE mit AUX-IN, (8AY),(8UD),(8UQ)	1296-1302
1. Radioanlage, BOSE mit AUX-IN, (8AY),(8UD),(8UQ)	1296
2. Radio, Sicherung 39 auf Sicherungshalter C	1297
3. Radio, Verstärker, Tieftonlautsprecher vorn links, Tieftonlautsprecher vorn rechts, Mitteltiefentonlautsprecher vorn links, Mitteltiefentonlautsprecher vorn rechts, Innenlautsprecher
1298
